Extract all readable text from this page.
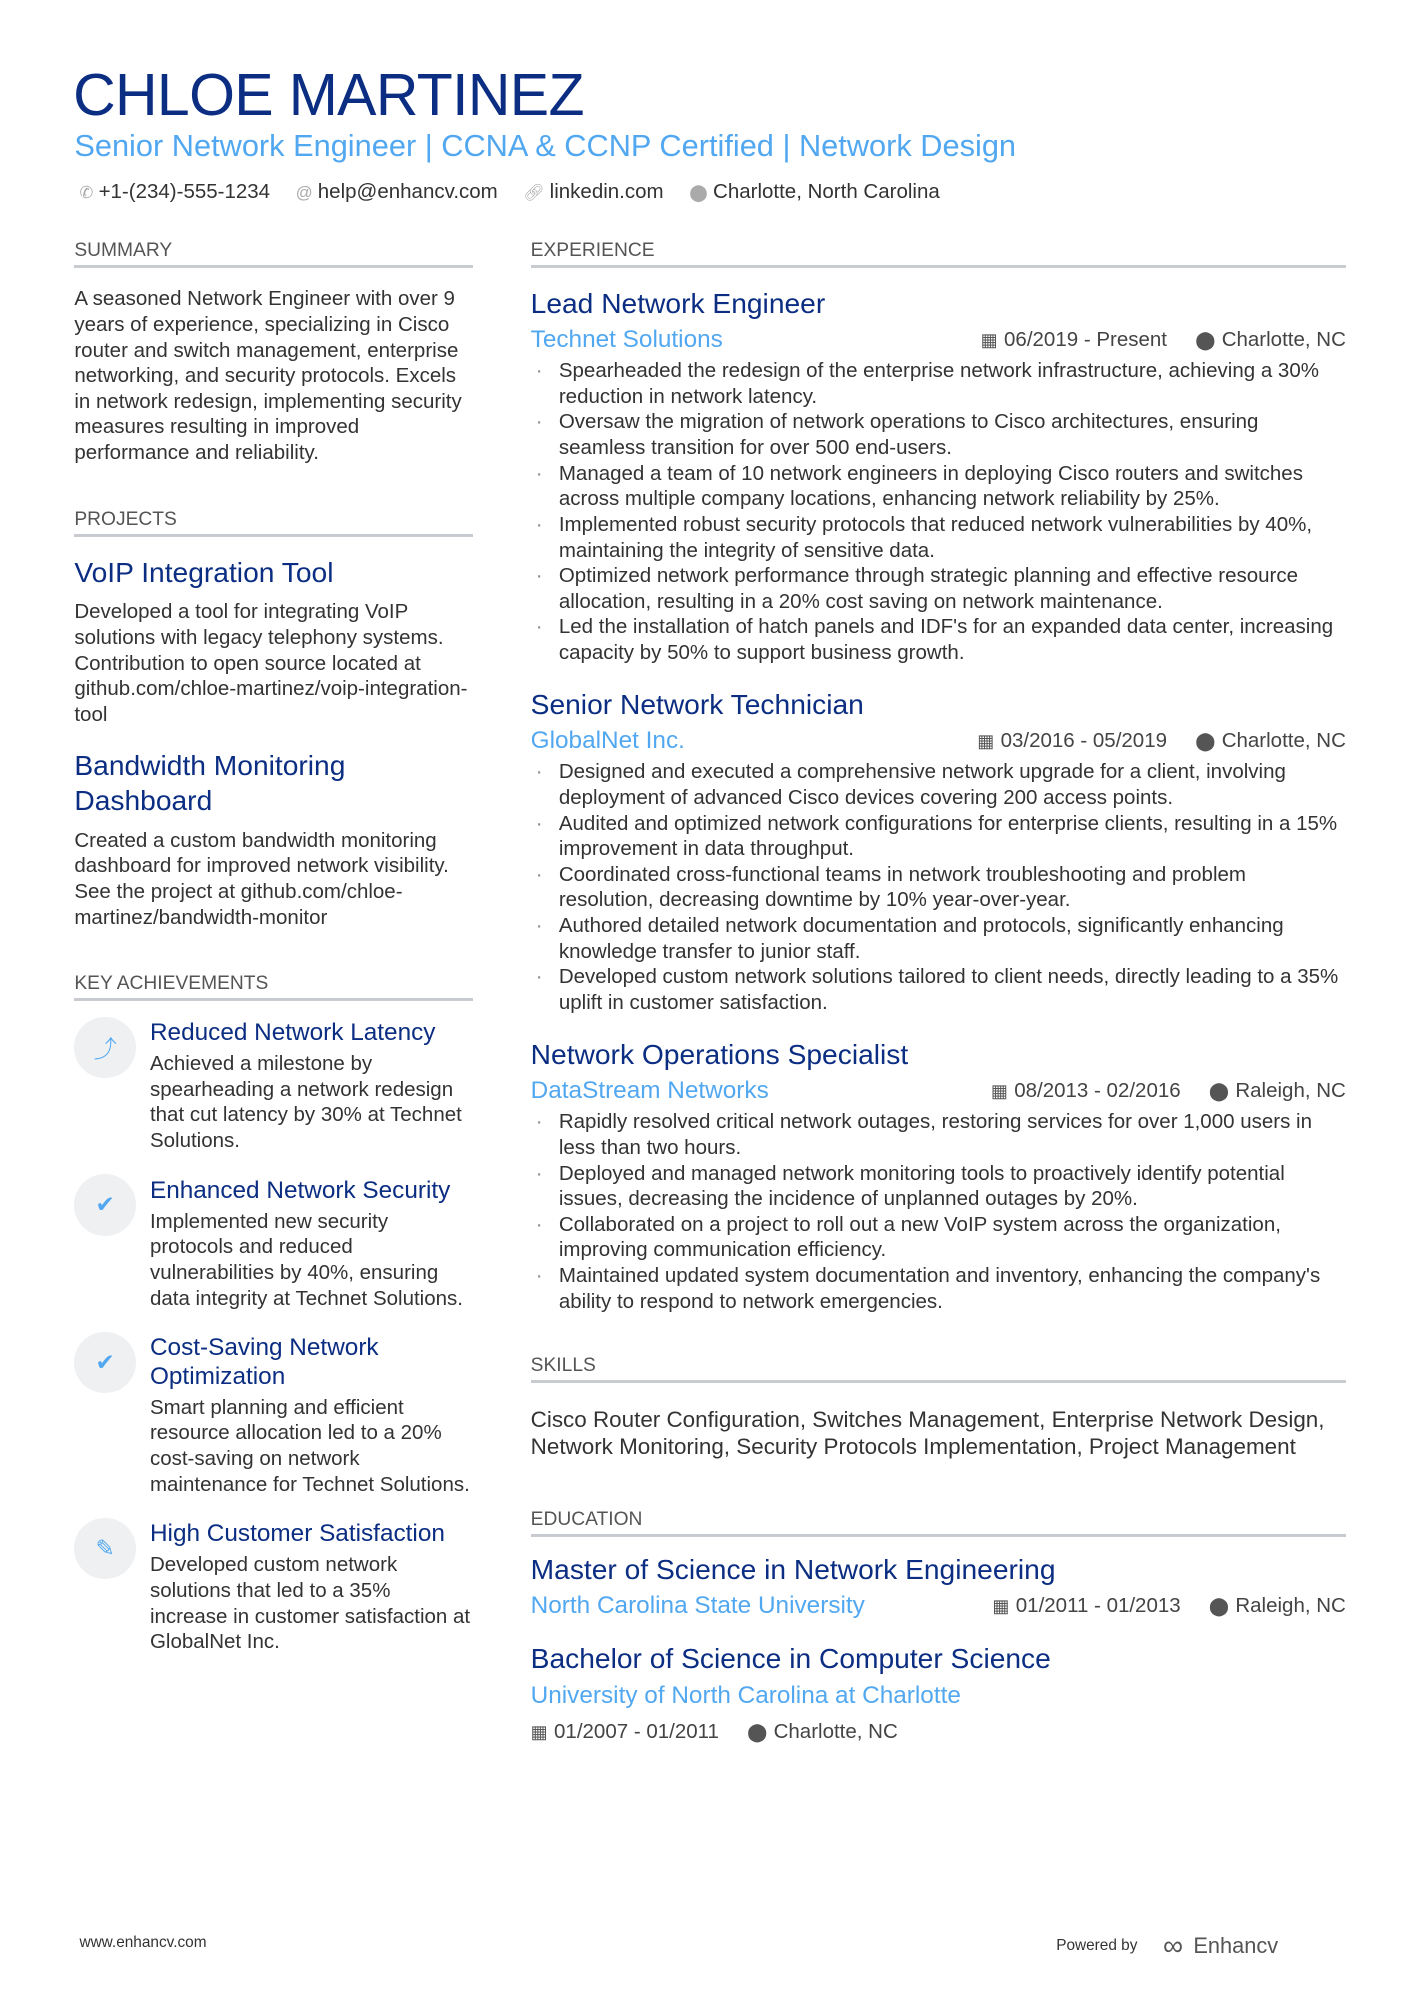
CHLOE MARTINEZ
Senior Network Engineer | CCNA & CCNP Certified | Network Design
✆ +1-(234)-555-1234 @ help@enhancv.com 🔗︎ linkedin.com ⬤ Charlotte, North Carolina
SUMMARY
A seasoned Network Engineer with over 9 years of experience, specializing in Cisco router and switch management, enterprise networking, and security protocols. Excels in network redesign, implementing security measures resulting in improved performance and reliability.
PROJECTS
VoIP Integration Tool
Developed a tool for integrating VoIP solutions with legacy telephony systems. Contribution to open source located at github.com/chloe-martinez/voip-integration-tool
Bandwidth Monitoring Dashboard
Created a custom bandwidth monitoring dashboard for improved network visibility. See the project at github.com/chloe-martinez/bandwidth-monitor
KEY ACHIEVEMENTS
⤴
Reduced Network Latency
Achieved a milestone by spearheading a network redesign that cut latency by 30% at Technet Solutions.
✔
Enhanced Network Security
Implemented new security protocols and reduced vulnerabilities by 40%, ensuring data integrity at Technet Solutions.
✔
Cost-Saving Network Optimization
Smart planning and efficient resource allocation led to a 20% cost-saving on network maintenance for Technet Solutions.
✎
High Customer Satisfaction
Developed custom network solutions that led to a 35% increase in customer satisfaction at GlobalNet Inc.
EXPERIENCE
Lead Network Engineer
Technet Solutions	▦ 06/2019 - Present ⬤ Charlotte, NC
· Spearheaded the redesign of the enterprise network infrastructure, achieving a 30% reduction in network latency.
· Oversaw the migration of network operations to Cisco architectures, ensuring seamless transition for over 500 end-users.
· Managed a team of 10 network engineers in deploying Cisco routers and switches across multiple company locations, enhancing network reliability by 25%.
· Implemented robust security protocols that reduced network vulnerabilities by 40%, maintaining the integrity of sensitive data.
· Optimized network performance through strategic planning and effective resource allocation, resulting in a 20% cost saving on network maintenance.
· Led the installation of hatch panels and IDF's for an expanded data center, increasing capacity by 50% to support business growth.
Senior Network Technician
GlobalNet Inc.	▦ 03/2016 - 05/2019 ⬤ Charlotte, NC
· Designed and executed a comprehensive network upgrade for a client, involving deployment of advanced Cisco devices covering 200 access points.
· Audited and optimized network configurations for enterprise clients, resulting in a 15% improvement in data throughput.
· Coordinated cross-functional teams in network troubleshooting and problem resolution, decreasing downtime by 10% year-over-year.
· Authored detailed network documentation and protocols, significantly enhancing knowledge transfer to junior staff.
· Developed custom network solutions tailored to client needs, directly leading to a 35% uplift in customer satisfaction.
Network Operations Specialist
DataStream Networks	▦ 08/2013 - 02/2016 ⬤ Raleigh, NC
· Rapidly resolved critical network outages, restoring services for over 1,000 users in less than two hours.
· Deployed and managed network monitoring tools to proactively identify potential issues, decreasing the incidence of unplanned outages by 20%.
· Collaborated on a project to roll out a new VoIP system across the organization, improving communication efficiency.
· Maintained updated system documentation and inventory, enhancing the company's ability to respond to network emergencies.
SKILLS
Cisco Router Configuration, Switches Management, Enterprise Network Design, Network Monitoring, Security Protocols Implementation, Project Management
EDUCATION
Master of Science in Network Engineering
North Carolina State University	▦ 01/2011 - 01/2013 ⬤ Raleigh, NC
Bachelor of Science in Computer Science
University of North Carolina at Charlotte
▦ 01/2007 - 01/2011 ⬤ Charlotte, NC
www.enhancv.com	Powered by ∞ Enhancv
